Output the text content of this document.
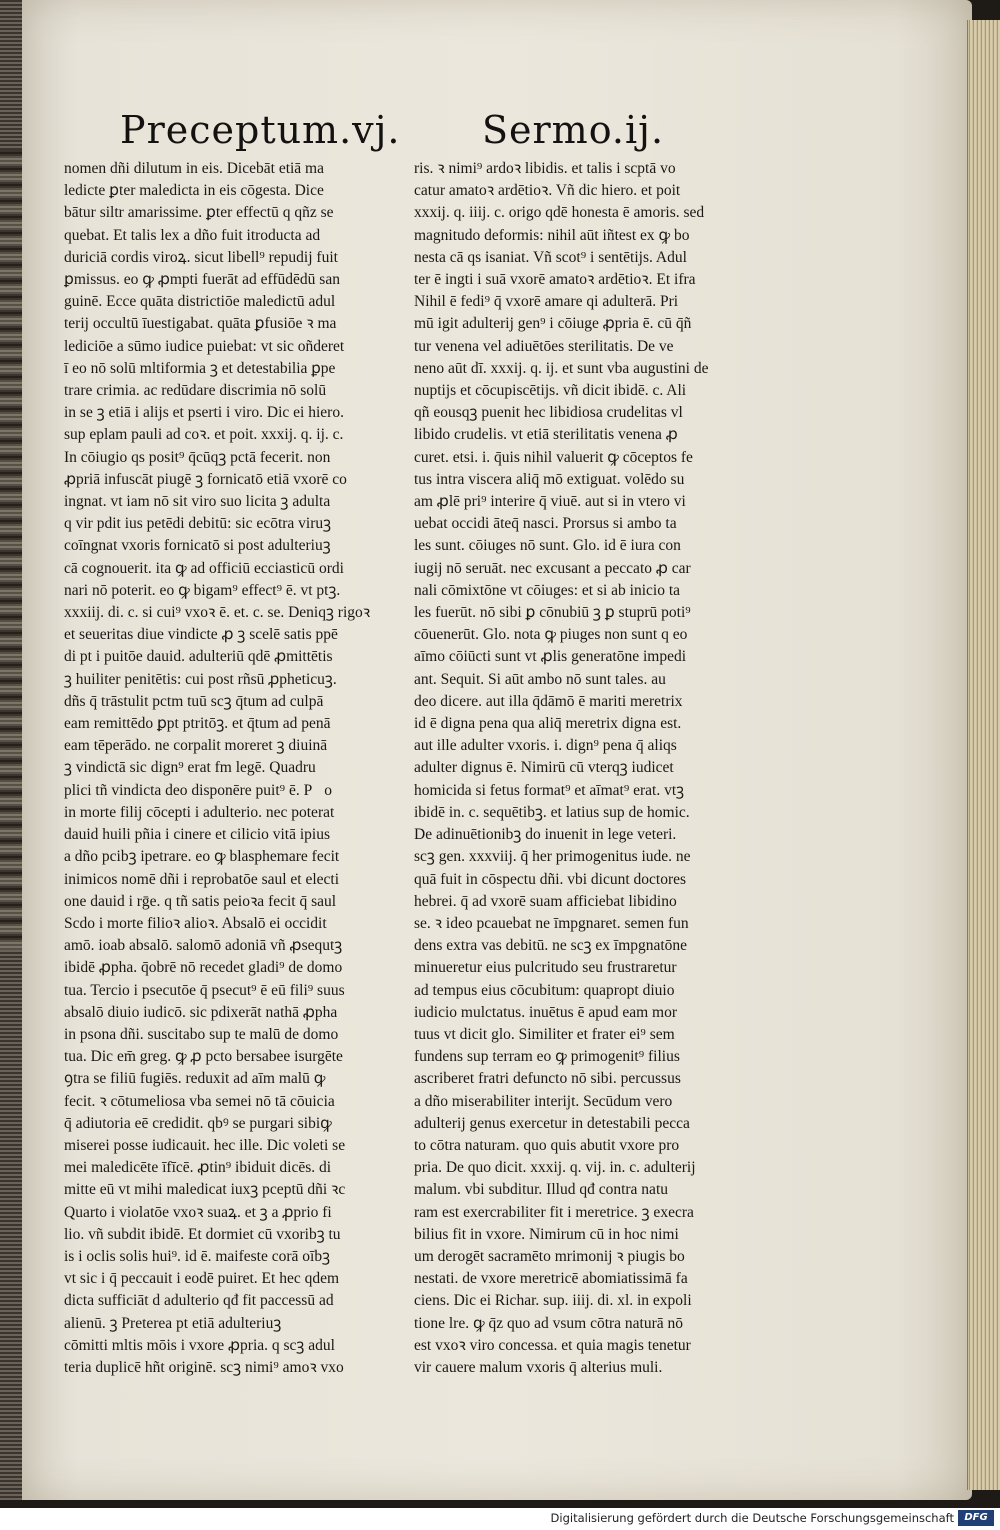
Preceptum.vj. Sermo.ij.
nomen dñi dilutum in eis. Dicebāt etiā ma
ledicte ꝑter maledicta in eis cōgesta. Dice
bātur siltr amarissime. ꝑter effectū q qñz se
quebat. Et talis lex a dño fuit itroducta ad
duriciā cordis viroꝝ. sicut libell⁹ repudij fuit
ꝑmissus. eo ꝙ ꝓmpti fuerāt ad effūdēdū san
guinē. Ecce quāta districtiōe maledictū adul
terij occultū īuestigabat. quāta ꝑfusiōe ꝛ ma
lediciōe a sūmo iudice puiebat: vt sic oñderet
ī eo nō solū mltiformia ꝫ et detestabilia ꝑpe
trare crimia. ac redūdare discrimia nō solū
in se ꝫ etiā i alijs et pserti i viro. Dic ei hiero.
sup eplam pauli ad coꝛ. et poit. xxxij. q. ij. c.
In cōiugio qs posit⁹ q̄cūqꝫ pctā fecerit. non
ꝓpriā infuscāt piugē ꝫ fornicatō etiā vxorē co
ingnat. vt iam nō sit viro suo licita ꝫ adulta
q vir pdit ius petēdi debitū: sic ecōtra viruꝫ
coīngnat vxoris fornicatō si post adulteriuꝫ
cā cognouerit. ita ꝙ ad officiū ecciasticū ordi
nari nō poterit. eo ꝙ bigam⁹ effect⁹ ē. vt ptꝫ.
xxxiij. di. c. si cui⁹ vxoꝛ ē. et. c. se. Deniqꝫ rigoꝛ
et seueritas diue vindicte ꝓ ꝫ scelē satis ppē
di pt i puitōe dauid. adulteriū qdē ꝓmittētis
ꝫ huiliter penitētis: cui post rñsū ꝓpheticuꝫ.
dñs q̄ trāstulit pctm tuū scꝫ q̄tum ad culpā
eam remittēdo ꝑpt ptritōꝫ. et q̄tum ad penā
eam tēperādo. ne corpalit moreret ꝫ diuinā
ꝫ vindictā sic dign⁹ erat fm legē. Quadru
plici tñ vindicta deo disponēre puit⁹ ē. Pᷓo
in morte filij cōcepti i adulterio. nec poterat
dauid huili pñia i cinere et cilicio vitā ipius
a dño pcibꝫ ipetrare. eo ꝙ blasphemare fecit
inimicos nomē dñi i reprobatōe saul et electi
one dauid i rḡe. q tñ satis peioꝛa fecit q̄ saul
Scdo i morte filioꝛ alioꝛ. Absalō ei occidit
amō. ioab absalō. salomō adoniā vñ ꝓsequtꝫ
ibidē ꝓpha. q̄obrē nō recedet gladi⁹ de domo
tua. Tercio i psecutōe q̄ psecut⁹ ē eū fili⁹ suus
absalō diuio iudicō. sic pdixerāt nathā ꝓpha
in psona dñi. suscitabo sup te malū de domo
tua. Dic em̄ greg. ꝙ ꝓ pcto bersabee isurgēte
ꝯtra se filiū fugiēs. reduxit ad aīm malū ꝙ
fecit. ꝛ cōtumeliosa vba semei nō tā cōuicia
q̄ adiutoria eē credidit. qbꝰ se purgari sibiꝙ
miserei posse iudicauit. hec ille. Dic voleti se
mei maledicēte īfīcē. ꝓtin⁹ ibiduit dicēs. di
mitte eū vt mihi maledicat iuxꝫ pceptū dñi ꝛc
Quarto i violatōe vxoꝛ suaꝝ. et ꝫ a ꝓprio fi
lio. vñ subdit ibidē. Et dormiet cū vxoribꝫ tu
is i oclis solis hui⁹. id ē. maifeste corā oībꝫ
vt sic i q̄ peccauit i eodē puiret. Et hec qdem
dicta sufficiāt d adulterio qđ fit paccessū ad
alienū. ꝫ Preterea pt etiā adulteriuꝫ
cōmitti mltis mōis i vxore ꝓpria. q scꝫ adul
teria duplicē hñt originē. scꝫ nimi⁹ amoꝛ vxo
ris. ꝛ nimi⁹ ardoꝛ libidis. et talis i scptā vo
catur amatoꝛ ardētioꝛ. Vñ dic hiero. et poit
xxxij. q. iiij. c. origo qdē honesta ē amoris. sed
magnitudo deformis: nihil aūt iñtest ex ꝙ bo
nesta cā qs isaniat. Vñ scot⁹ i sentētijs. Adul
ter ē ingti i suā vxorē amatoꝛ ardētioꝛ. Et ifra
Nihil ē fedi⁹ q̄ vxorē amare qi adulterā. Pri
mū igit adulterij gen⁹ i cōiuge ꝓpria ē. cū q̄ñ
tur venena vel adiuētōes sterilitatis. De ve
neno aūt dī. xxxij. q. ij. et sunt vba augustini de
nuptijs et cōcupiscētijs. vñ dicit ibidē. c. Ali
qñ eousqꝫ puenit hec libidiosa crudelitas vl
libido crudelis. vt etiā sterilitatis venena ꝓ
curet. etsi. i. q̄uis nihil valuerit ꝙ cōceptos fe
tus intra viscera aliq̄ mō extiguat. volēdo su
am ꝓlē pri⁹ interire q̄ viuē. aut si in vtero vi
uebat occidi āteq̄ nasci. Prorsus si ambo ta
les sunt. cōiuges nō sunt. Glo. id ē iura con
iugij nō seruāt. nec excusant a peccato ꝓ car
nali cōmixtōne vt cōiuges: et si ab inicio ta
les fuerūt. nō sibi ꝑ cōnubiū ꝫ ꝑ stuprū poti⁹
cōuenerūt. Glo. nota ꝙ piuges non sunt q eo
aīmo cōiūcti sunt vt ꝓlis generatōne impedi
ant. Sequit. Si aūt ambo nō sunt tales. au
deo dicere. aut illa q̄dāmō ē mariti meretrix
id ē digna pena qua aliq̄ meretrix digna est.
aut ille adulter vxoris. i. dign⁹ pena q̄ aliqs
adulter dignus ē. Nimirū cū vterqꝫ iudicet
homicida si fetus format⁹ et aīmat⁹ erat. vtꝫ
ibidē in. c. sequētibꝫ. et latius sup de homic.
De adinuētionibꝫ do inuenit in lege veteri.
scꝫ gen. xxxviij. q̄ her primogenitus iude. ne
quā fuit in cōspectu dñi. vbi dicunt doctores
hebrei. q̄ ad vxorē suam afficiebat libidino
se. ꝛ ideo pcauebat ne īmpgnaret. semen fun
dens extra vas debitū. ne scꝫ ex īmpgnatōne
minueretur eius pulcritudo seu frustraretur
ad tempus eius cōcubitum: quapropt diuio
iudicio mulctatus. inuētus ē apud eam mor
tuus vt dicit glo. Similiter et frater ei⁹ sem
fundens sup terram eo ꝙ primogenit⁹ filius
ascriberet fratri defuncto nō sibi. percussus
a dño miserabiliter interijt. Secūdum vero
adulterij genus exercetur in detestabili pecca
to cōtra naturam. quo quis abutit vxore pro
pria. De quo dicit. xxxij. q. vij. in. c. adulterij
malum. vbi subditur. Illud qđ contra natu
ram est exercrabiliter fit i meretrice. ꝫ execra
bilius fit in vxore. Nimirum cū in hoc nimi
um derogēt sacramēto mrimonij ꝛ piugis bo
nestati. de vxore meretricē abomiatissimā fa
ciens. Dic ei Richar. sup. iiij. di. xl. in expoli
tione lre. ꝙ q̄z quo ad vsum cōtra naturā nō
est vxoꝛ viro concessa. et quia magis tenetur
vir cauere malum vxoris q̄ alterius muli.
Digitalisierung gefördert durch die Deutsche Forschungsgemeinschaft	DFG
